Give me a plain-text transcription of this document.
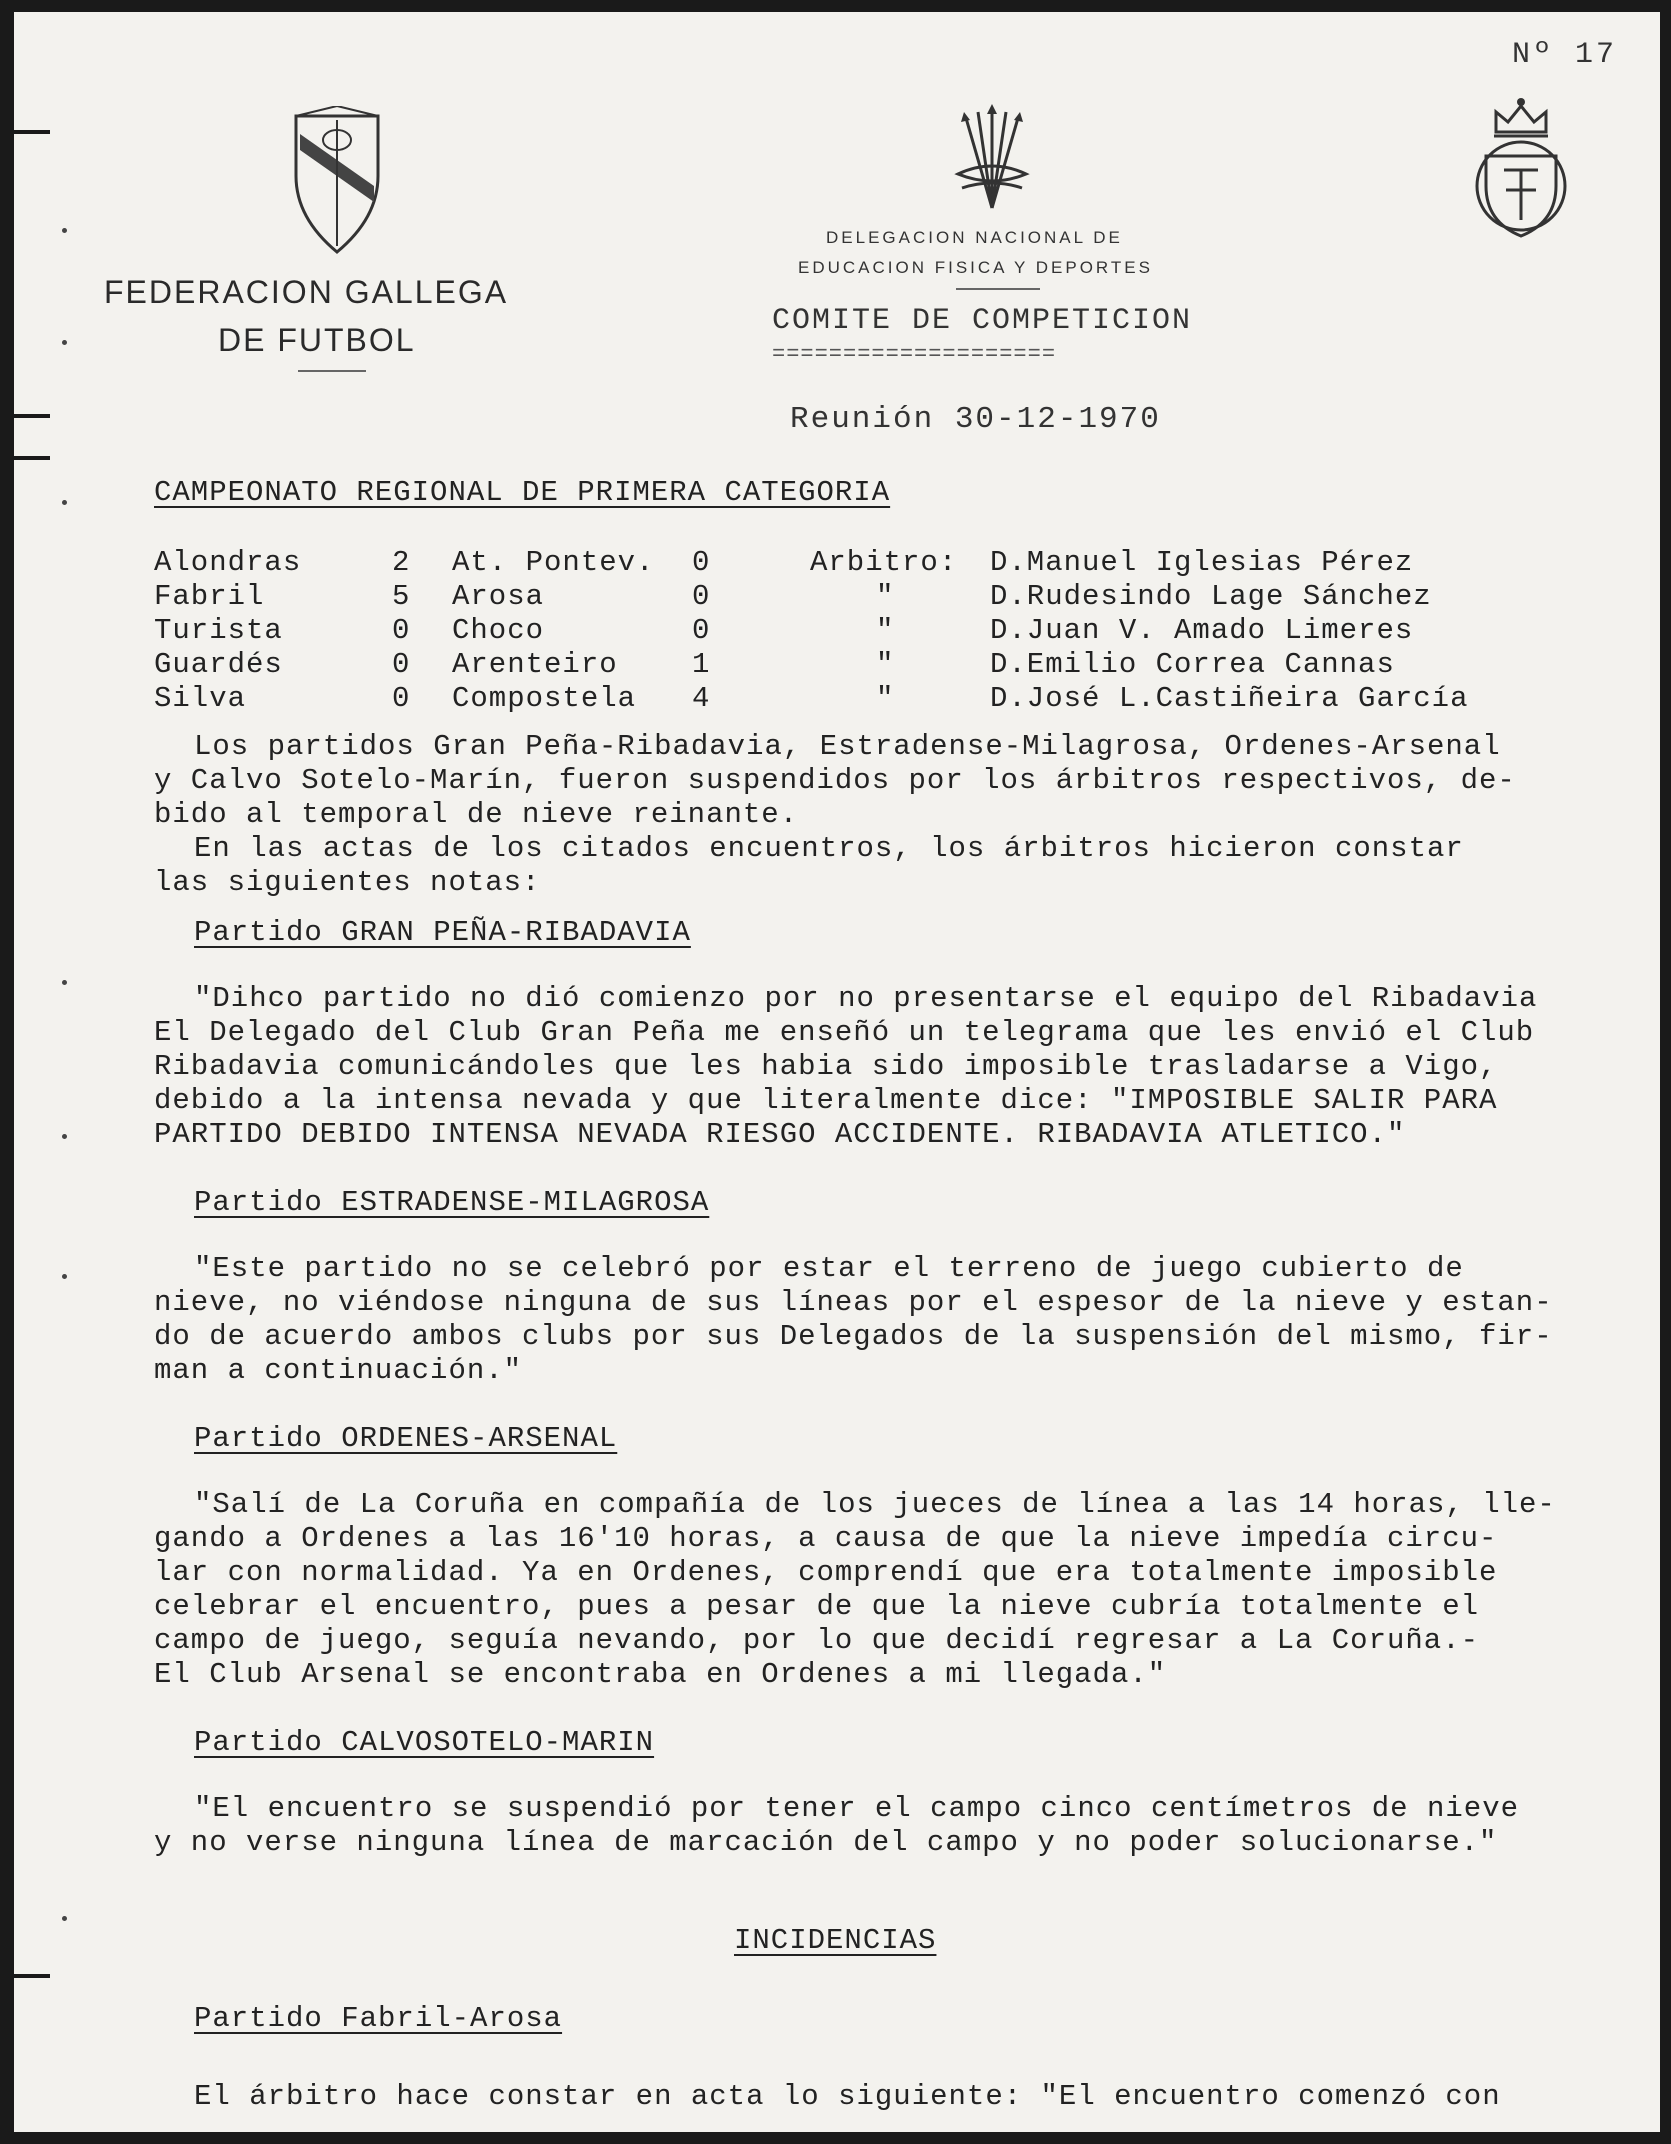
Nº 17
FEDERACION GALLEGA
DE FUTBOL
DELEGACION NACIONAL DE
EDUCACION FISICA Y DEPORTES
COMITE DE COMPETICION
====================
Reunión 30-12-1970
CAMPEONATO REGIONAL DE PRIMERA CATEGORIA
Alondras	2 At. Pontev. 0	Arbitro: D.Manuel Iglesias Pérez
Fabril	5 Arosa	0	"	D.Rudesindo Lage Sánchez
Turista	0 Choco	0	"	D.Juan V. Amado Limeres
Guardés	0 Arenteiro	1	"	D.Emilio Correa Cannas
Silva	0 Compostela 4	"	D.José L.Castiñeira García
Los partidos Gran Peña-Ribadavia, Estradense-Milagrosa, Ordenes-Arsenal
y Calvo Sotelo-Marín, fueron suspendidos por los árbitros respectivos, de-
bido al temporal de nieve reinante.
En las actas de los citados encuentros, los árbitros hicieron constar
las siguientes notas:
Partido GRAN PEÑA-RIBADAVIA
"Dihco partido no dió comienzo por no presentarse el equipo del Ribadavia
El Delegado del Club Gran Peña me enseñó un telegrama que les envió el Club
Ribadavia comunicándoles que les habia sido imposible trasladarse a Vigo,
debido a la intensa nevada y que literalmente dice: "IMPOSIBLE SALIR PARA
PARTIDO DEBIDO INTENSA NEVADA RIESGO ACCIDENTE. RIBADAVIA ATLETICO."
Partido ESTRADENSE-MILAGROSA
"Este partido no se celebró por estar el terreno de juego cubierto de
nieve, no viéndose ninguna de sus líneas por el espesor de la nieve y estan-
do de acuerdo ambos clubs por sus Delegados de la suspensión del mismo, fir-
man a continuación."
Partido ORDENES-ARSENAL
"Salí de La Coruña en compañía de los jueces de línea a las 14 horas, lle-
gando a Ordenes a las 16'10 horas, a causa de que la nieve impedía circu-
lar con normalidad. Ya en Ordenes, comprendí que era totalmente imposible
celebrar el encuentro, pues a pesar de que la nieve cubría totalmente el
campo de juego, seguía nevando, por lo que decidí regresar a La Coruña.-
El Club Arsenal se encontraba en Ordenes a mi llegada."
Partido CALVOSOTELO-MARIN
"El encuentro se suspendió por tener el campo cinco centímetros de nieve
y no verse ninguna línea de marcación del campo y no poder solucionarse."
INCIDENCIAS
Partido Fabril-Arosa
El árbitro hace constar en acta lo siguiente: "El encuentro comenzó con
